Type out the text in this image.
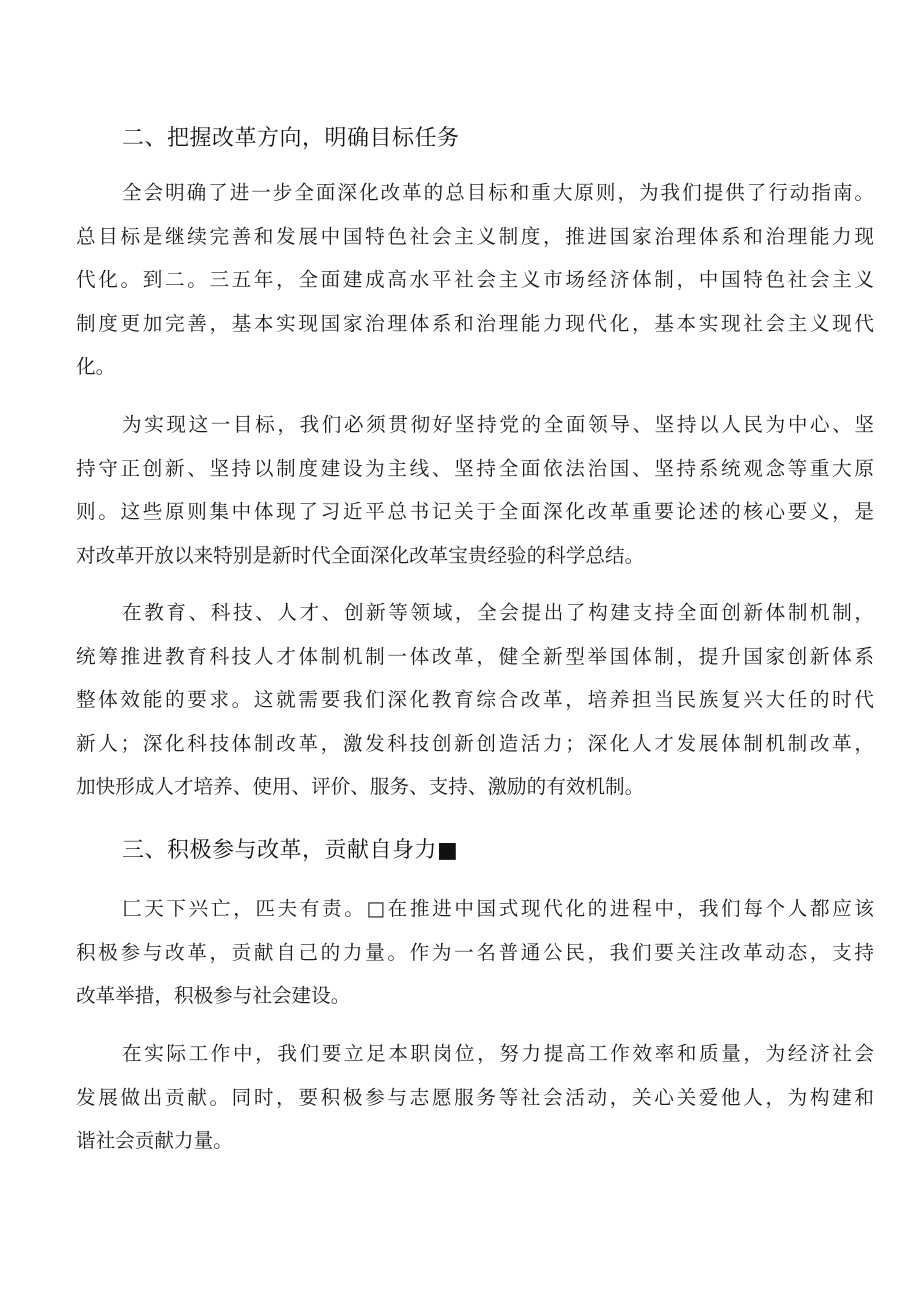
二、把握改革方向，明确目标任务
全会明确了进一步全面深化改革的总目标和重大原则，为我们提供了行动指南。
总目标是继续完善和发展中国特色社会主义制度，推进国家治理体系和治理能力现
代化。到二。三五年，全面建成高水平社会主义市场经济体制，中国特色社会主义
制度更加完善，基本实现国家治理体系和治理能力现代化，基本实现社会主义现代
化。
为实现这一目标，我们必须贯彻好坚持党的全面领导、坚持以人民为中心、坚
持守正创新、坚持以制度建设为主线、坚持全面依法治国、坚持系统观念等重大原
则。这些原则集中体现了习近平总书记关于全面深化改革重要论述的核心要义，是
对改革开放以来特别是新时代全面深化改革宝贵经验的科学总结。
在教育、科技、人才、创新等领域，全会提出了构建支持全面创新体制机制，
统筹推进教育科技人才体制机制一体改革，健全新型举国体制，提升国家创新体系
整体效能的要求。这就需要我们深化教育综合改革，培养担当民族复兴大任的时代
新人；深化科技体制改革，激发科技创新创造活力；深化人才发展体制机制改革，
加快形成人才培养、使用、评价、服务、支持、激励的有效机制。
三、积极参与改革，贡献自身力■
匚天下兴亡，匹夫有责。□在推进中国式现代化的进程中，我们每个人都应该
积极参与改革，贡献自己的力量。作为一名普通公民，我们要关注改革动态，支持
改革举措，积极参与社会建设。
在实际工作中，我们要立足本职岗位，努力提高工作效率和质量，为经济社会
发展做出贡献。同时，要积极参与志愿服务等社会活动，关心关爱他人，为构建和
谐社会贡献力量。
